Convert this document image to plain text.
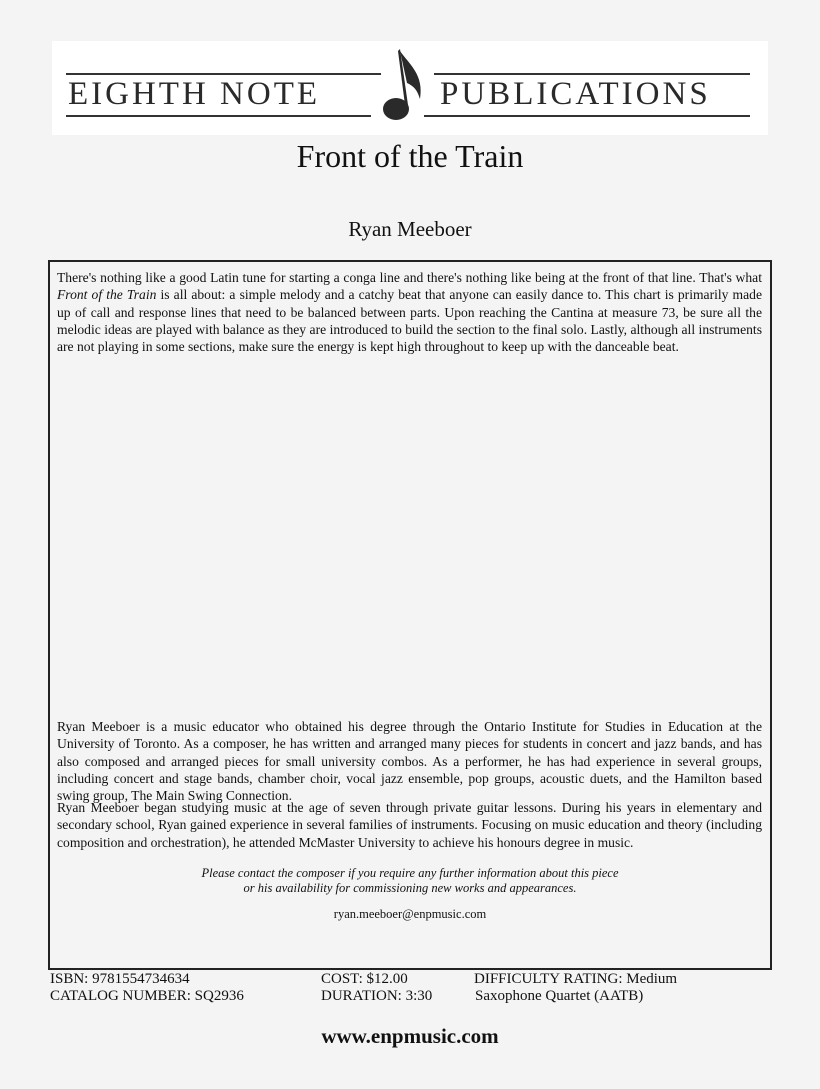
EIGHTH NOTE	PUBLICATIONS
Front of the Train
Ryan Meeboer
There's nothing like a good Latin tune for starting a conga line and there's nothing like being at the front of that line. That's what Front of the Train is all about: a simple melody and a catchy beat that anyone can easily dance to. This chart is primarily made up of call and response lines that need to be balanced between parts. Upon reaching the Cantina at measure 73, be sure all the melodic ideas are played with balance as they are introduced to build the section to the final solo. Lastly, although all instruments are not playing in some sections, make sure the energy is kept high throughout to keep up with the danceable beat.
Ryan Meeboer is a music educator who obtained his degree through the Ontario Institute for Studies in Education at the University of Toronto. As a composer, he has written and arranged many pieces for students in concert and jazz bands, and has also composed and arranged pieces for small university combos. As a performer, he has had experience in several groups, including concert and stage bands, chamber choir, vocal jazz ensemble, pop groups, acoustic duets, and the Hamilton based swing group, The Main Swing Connection.
Ryan Meeboer began studying music at the age of seven through private guitar lessons. During his years in elementary and secondary school, Ryan gained experience in several families of instruments. Focusing on music education and theory (including composition and orchestration), he attended McMaster University to achieve his honours degree in music.
Please contact the composer if you require any further information about this piece
or his availability for commissioning new works and appearances.
ryan.meeboer@enpmusic.com
ISBN: 9781554734634
CATALOG NUMBER: SQ2936
COST: $12.00
DURATION: 3:30
DIFFICULTY RATING: Medium
Saxophone Quartet (AATB)
www.enpmusic.com
